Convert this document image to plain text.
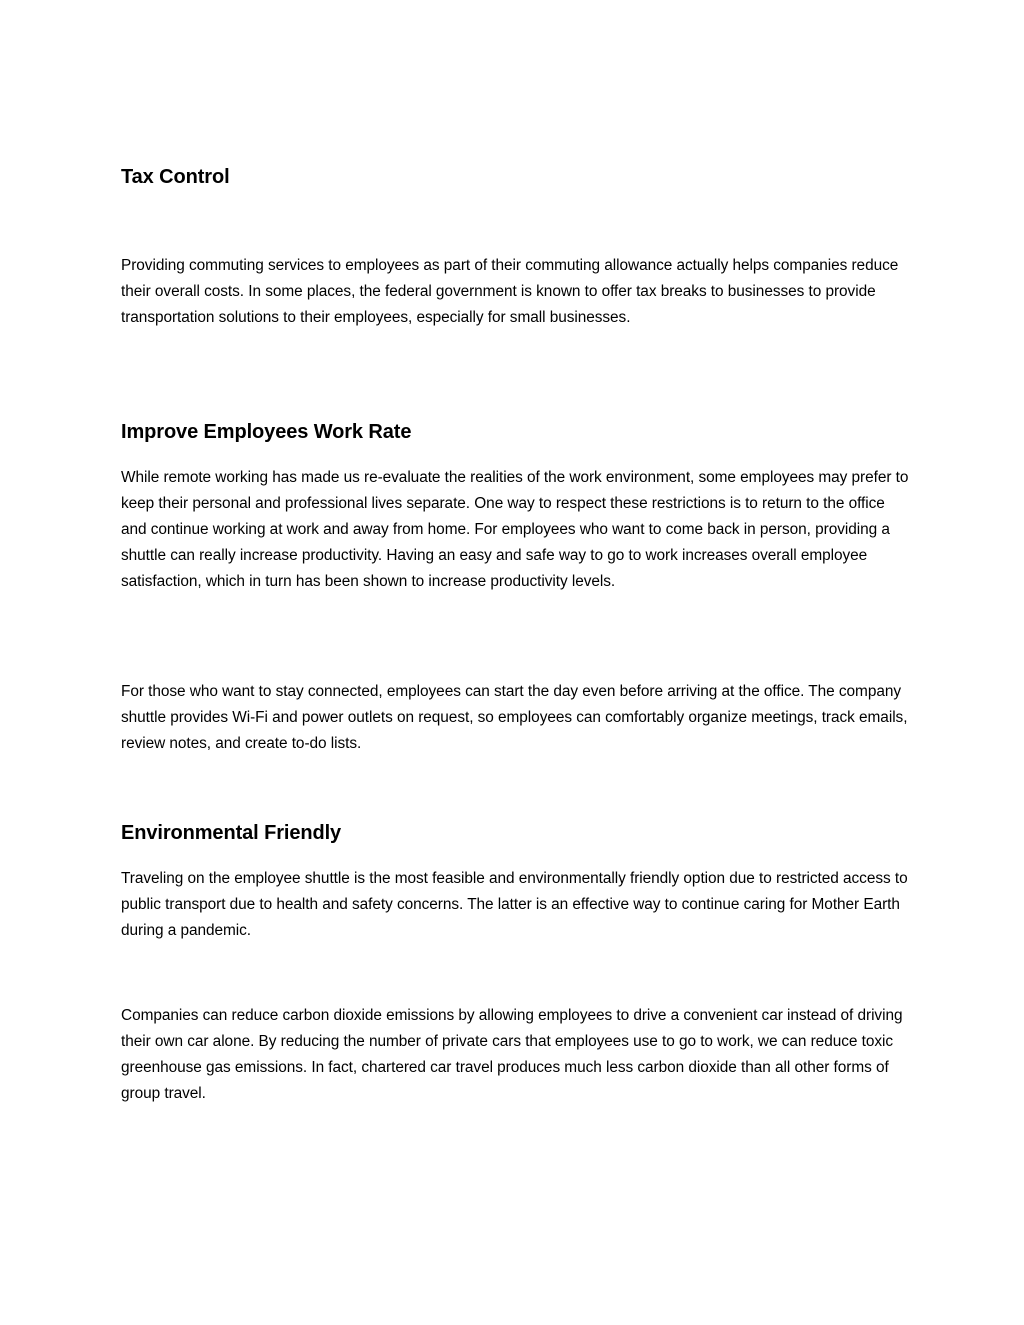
Tax Control

Providing commuting services to employees as part of their commuting allowance actually helps companies reduce their overall costs. In some places, the federal government is known to offer tax breaks to businesses to provide transportation solutions to their employees, especially for small businesses.

Improve Employees Work Rate

While remote working has made us re-evaluate the realities of the work environment, some employees may prefer to keep their personal and professional lives separate. One way to respect these restrictions is to return to the office and continue working at work and away from home. For employees who want to come back in person, providing a shuttle can really increase productivity. Having an easy and safe way to go to work increases overall employee satisfaction, which in turn has been shown to increase productivity levels.

For those who want to stay connected, employees can start the day even before arriving at the office. The company shuttle provides Wi-Fi and power outlets on request, so employees can comfortably organize meetings, track emails, review notes, and create to-do lists.

Environmental Friendly

Traveling on the employee shuttle is the most feasible and environmentally friendly option due to restricted access to public transport due to health and safety concerns. The latter is an effective way to continue caring for Mother Earth during a pandemic.

Companies can reduce carbon dioxide emissions by allowing employees to drive a convenient car instead of driving their own car alone. By reducing the number of private cars that employees use to go to work, we can reduce toxic greenhouse gas emissions. In fact, chartered car travel produces much less carbon dioxide than all other forms of group travel.
